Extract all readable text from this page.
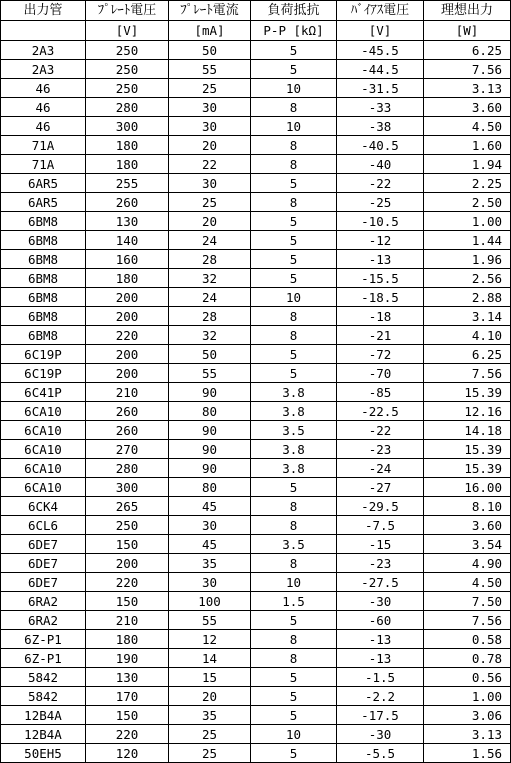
出力管	ﾌﾟﾚｰﾄ電圧	ﾌﾟﾚｰﾄ電流	負荷抵抗	ﾊﾞｲｱｽ電圧	理想出力
	[V]	[mA]	P-P [kΩ]	[V]	[W]
2A3	250	50	5	-45.5	6.25
2A3	250	55	5	-44.5	7.56
46	250	25	10	-31.5	3.13
46	280	30	8	-33	3.60
46	300	30	10	-38	4.50
71A	180	20	8	-40.5	1.60
71A	180	22	8	-40	1.94
6AR5	255	30	5	-22	2.25
6AR5	260	25	8	-25	2.50
6BM8	130	20	5	-10.5	1.00
6BM8	140	24	5	-12	1.44
6BM8	160	28	5	-13	1.96
6BM8	180	32	5	-15.5	2.56
6BM8	200	24	10	-18.5	2.88
6BM8	200	28	8	-18	3.14
6BM8	220	32	8	-21	4.10
6C19P	200	50	5	-72	6.25
6C19P	200	55	5	-70	7.56
6C41P	210	90	3.8	-85	15.39
6CA10	260	80	3.8	-22.5	12.16
6CA10	260	90	3.5	-22	14.18
6CA10	270	90	3.8	-23	15.39
6CA10	280	90	3.8	-24	15.39
6CA10	300	80	5	-27	16.00
6CK4	265	45	8	-29.5	8.10
6CL6	250	30	8	-7.5	3.60
6DE7	150	45	3.5	-15	3.54
6DE7	200	35	8	-23	4.90
6DE7	220	30	10	-27.5	4.50
6RA2	150	100	1.5	-30	7.50
6RA2	210	55	5	-60	7.56
6Z-P1	180	12	8	-13	0.58
6Z-P1	190	14	8	-13	0.78
5842	130	15	5	-1.5	0.56
5842	170	20	5	-2.2	1.00
12B4A	150	35	5	-17.5	3.06
12B4A	220	25	10	-30	3.13
50EH5	120	25	5	-5.5	1.56
